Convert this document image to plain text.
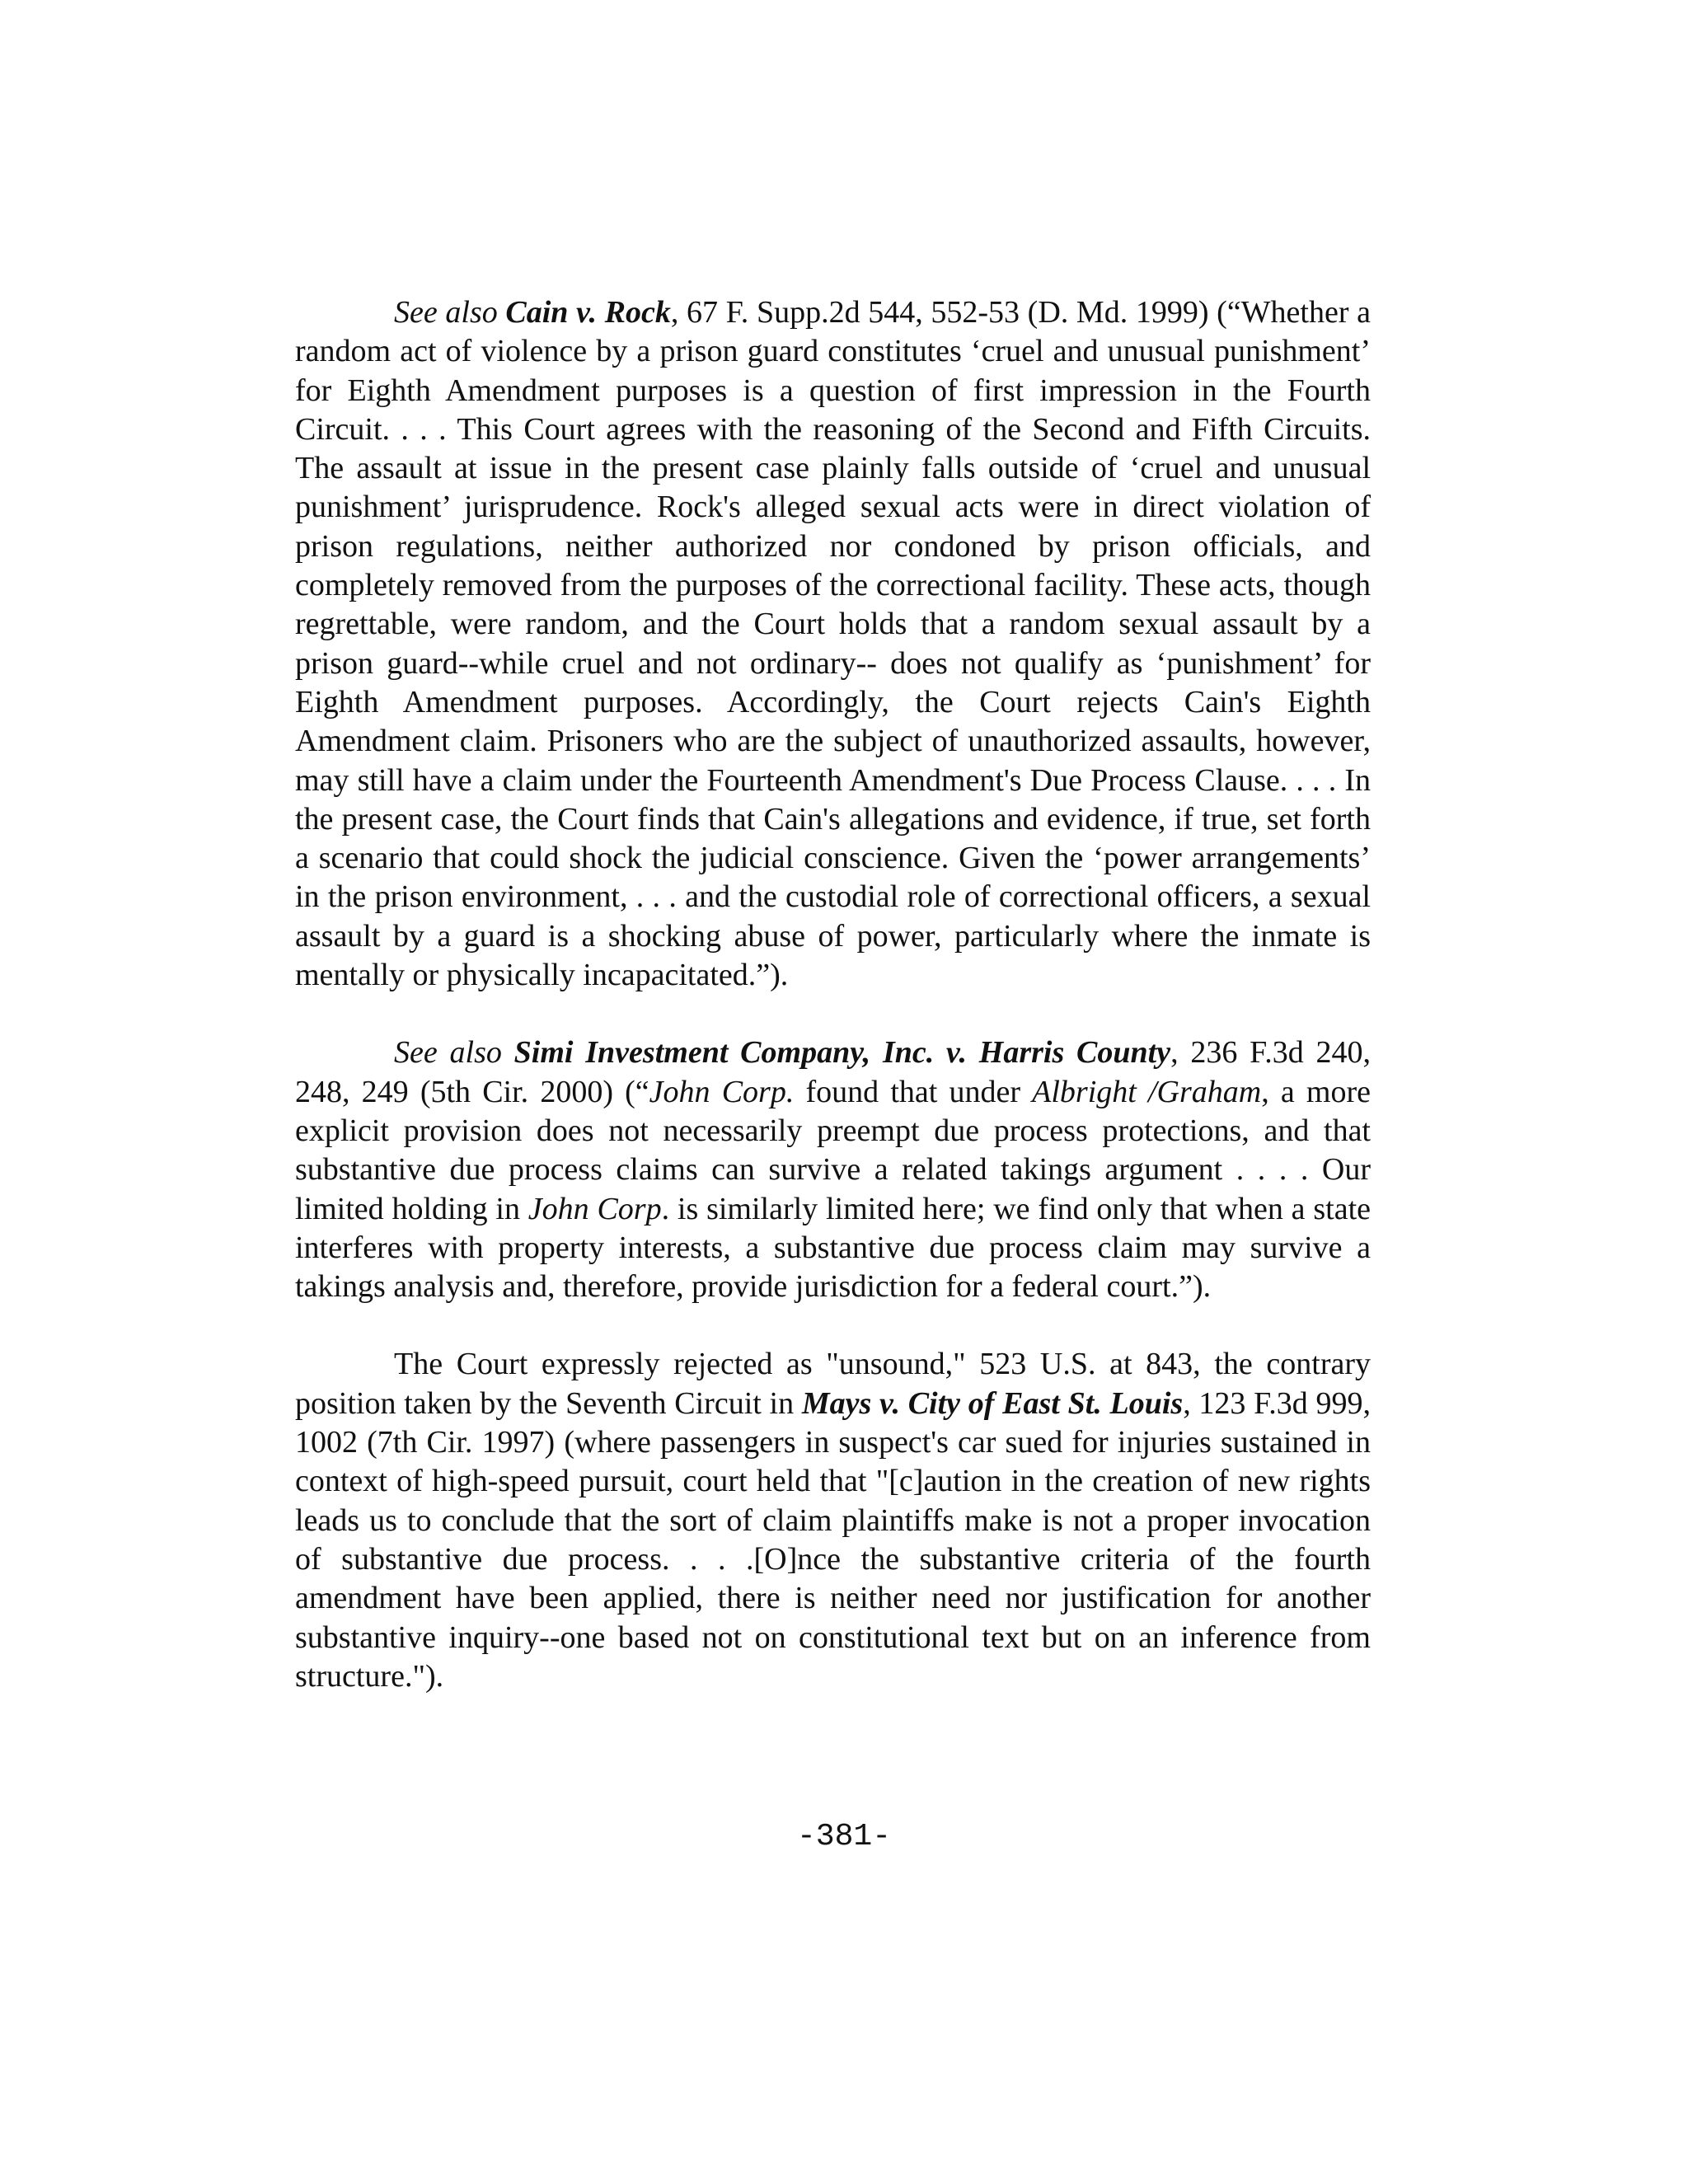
See also Cain v. Rock, 67 F. Supp.2d 544, 552-53 (D. Md. 1999) (“Whether a random act of violence by a prison guard constitutes ‘cruel and unusual punishment’ for Eighth Amendment purposes is a question of first impression in the Fourth Circuit. . . . This Court agrees with the reasoning of the Second and Fifth Circuits. The assault at issue in the present case plainly falls outside of ‘cruel and unusual punishment’ jurisprudence. Rock's alleged sexual acts were in direct violation of prison regulations, neither authorized nor condoned by prison officials, and completely removed from the purposes of the correctional facility. These acts, though regrettable, were random, and the Court holds that a random sexual assault by a prison guard--while cruel and not ordinary-- does not qualify as ‘punishment’ for Eighth Amendment purposes. Accordingly, the Court rejects Cain's Eighth Amendment claim. Prisoners who are the subject of unauthorized assaults, however, may still have a claim under the Fourteenth Amendment's Due Process Clause. . . . In the present case, the Court finds that Cain's allegations and evidence, if true, set forth a scenario that could shock the judicial conscience. Given the ‘power arrangements’ in the prison environment, . . . and the custodial role of correctional officers, a sexual assault by a guard is a shocking abuse of power, particularly where the inmate is mentally or physically incapacitated.”).

See also Simi Investment Company, Inc. v. Harris County, 236 F.3d 240, 248, 249 (5th Cir. 2000) (“John Corp. found that under Albright /Graham, a more explicit provision does not necessarily preempt due process protections, and that substantive due process claims can survive a related takings argument . . . . Our limited holding in John Corp. is similarly limited here; we find only that when a state interferes with property interests, a substantive due process claim may survive a takings analysis and, therefore, provide jurisdiction for a federal court.”).

The Court expressly rejected as "unsound," 523 U.S. at 843, the contrary position taken by the Seventh Circuit in Mays v. City of East St. Louis, 123 F.3d 999, 1002 (7th Cir. 1997) (where passengers in suspect's car sued for injuries sustained in context of high-speed pursuit, court held that "[c]aution in the creation of new rights leads us to conclude that the sort of claim plaintiffs make is not a proper invocation of substantive due process. . . .[O]nce the substantive criteria of the fourth amendment have been applied, there is neither need nor justification for another substantive inquiry--one based not on constitutional text but on an inference from structure.").

-381-
